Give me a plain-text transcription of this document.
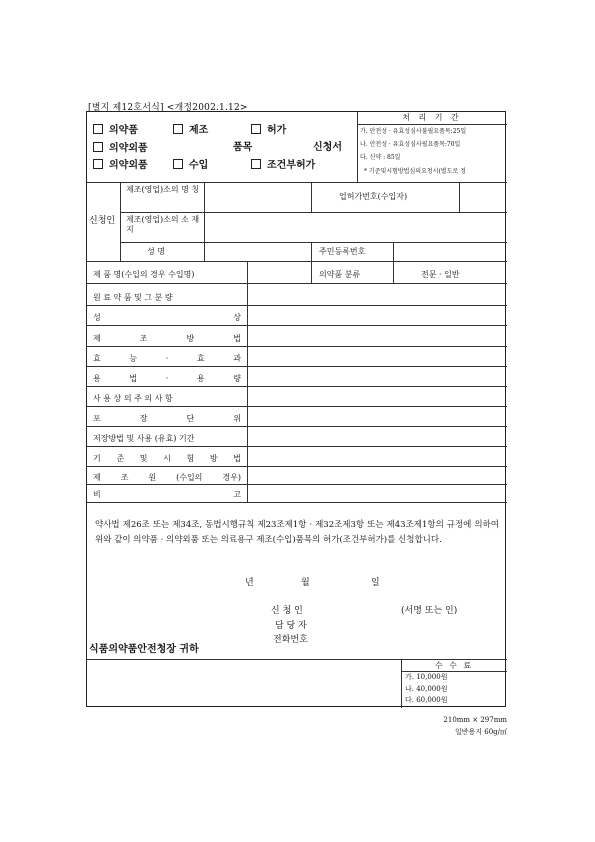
[별지 제12호서식] <개정2002.1.12>
의약품	제조	허가
의약외품	품목	신청서
의약외품	수입	조건부허가
처 리 기 간
가. 안전성 · 유효성심사불필요품목:25일
나. 안전성 · 유효성심사필요품목:70일
다. 신약 : 85일
* 기준및시험방법심의요청시(별도로 정
신청인
제조(영업)소의 명 칭
업허가번호(수입자)
제조(영업)소의 소 재 지
성 명	주민등록번호
제 품 명(수입의 경우 수입명)	의약품 분류	전문 · 일반
원 료 약 품 및 그 분 량
성	상
제	조	방	법
효	능	·	효	과
용	법	·	용	량
사 용 상 의 주 의 사 항
포	장	단	위
저장방법 및 사용 (유효) 기간
기 준 및 시 험 방 법
제 조 원 (수입의 경우)
비	고
약사법 제26조 또는 제34조, 동법시행규칙 제23조제1항 · 제32조제3항 또는 제43조제1항의 규정에 의하여 위와 같이 의약품 · 의약외품 또는 의료용구 제조(수입)품목의 허가(조건부허가)를 신청합니다.
년	월	일
신 청 인	(서명 또는 인)
담 당 자
전화번호
식품의약품안전청장 귀하
수 수 료
가. 10,000원
나. 40,000원
다. 60,000원
210mm × 297mm
일반용지 60g/㎡
